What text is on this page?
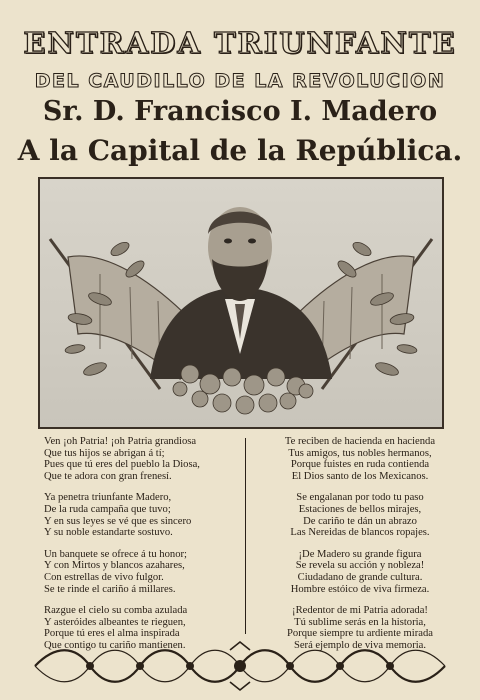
ENTRADA TRIUNFANTE
DEL CAUDILLO DE LA REVOLUCION
Sr. D. Francisco I. Madero
A la Capital de la República.
Ven ¡oh Patria! ¡oh Patria grandiosa
Que tus hijos se abrigan á tí;
Pues que tú eres del pueblo la Diosa,
Que te adora con gran frenesí.
Ya penetra triunfante Madero,
De la ruda campaña que tuvo;
Y en sus leyes se vé que es sincero
Y su noble estandarte sostuvo.
Un banquete se ofrece á tu honor;
Y con Mirtos y blancos azahares,
Con estrellas de vivo fulgor.
Se te rinde el cariño á millares.
Razgue el cielo su comba azulada
Y asteróides albeantes te rieguen,
Porque tú eres el alma inspirada
Que contigo tu cariño mantienen.
Te reciben de hacienda en hacienda
Tus amigos, tus nobles hermanos,
Porque fuistes en ruda contienda
El Dios santo de los Mexicanos.
Se engalanan por todo tu paso
Estaciones de bellos mirajes,
De cariño te dán un abrazo
Las Nereidas de blancos ropajes.
¡De Madero su grande figura
Se revela su acción y nobleza!
Ciudadano de grande cultura.
Hombre estóico de viva firmeza.
¡Redentor de mi Patria adorada!
Tú sublime serás en la historia,
Porque siempre tu ardiente mirada
Será ejemplo de viva memoria.
